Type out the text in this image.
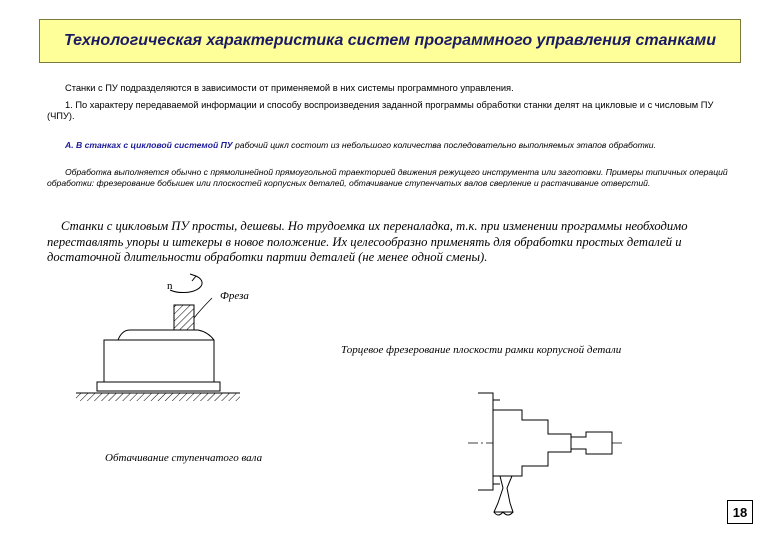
Технологическая характеристика систем программного управления станками

Станки с ПУ подразделяются в зависимости от применяемой в них системы программного управления.

1. По характеру передаваемой информации и способу воспроизведения заданной программы обработки станки делят на цикловые и с числовым ПУ (ЧПУ).

А. В станках с цикловой системой ПУ рабочий цикл состоит из небольшого количества последовательно выполняемых этапов обработки.

Обработка выполняется обычно с прямолинейной прямоугольной траекторией движения режущего инструмента или заготовки. Примеры типичных операций обработки: фрезерование бобышек или плоскостей корпусных деталей, обтачивание ступенчатых валов сверление и растачивание отверстий.

Станки с цикловым ПУ просты, дешевы. Но трудоемка их переналадка, т.к. при изменении программы необходимо переставлять упоры и штекеры в новое положение. Их целесообразно применять для обработки простых деталей и достаточной длительности обработки партии деталей (не менее одной смены).

n
Фреза
Торцевое фрезерование плоскости рамки корпусной детали
Обтачивание ступенчатого вала
18
